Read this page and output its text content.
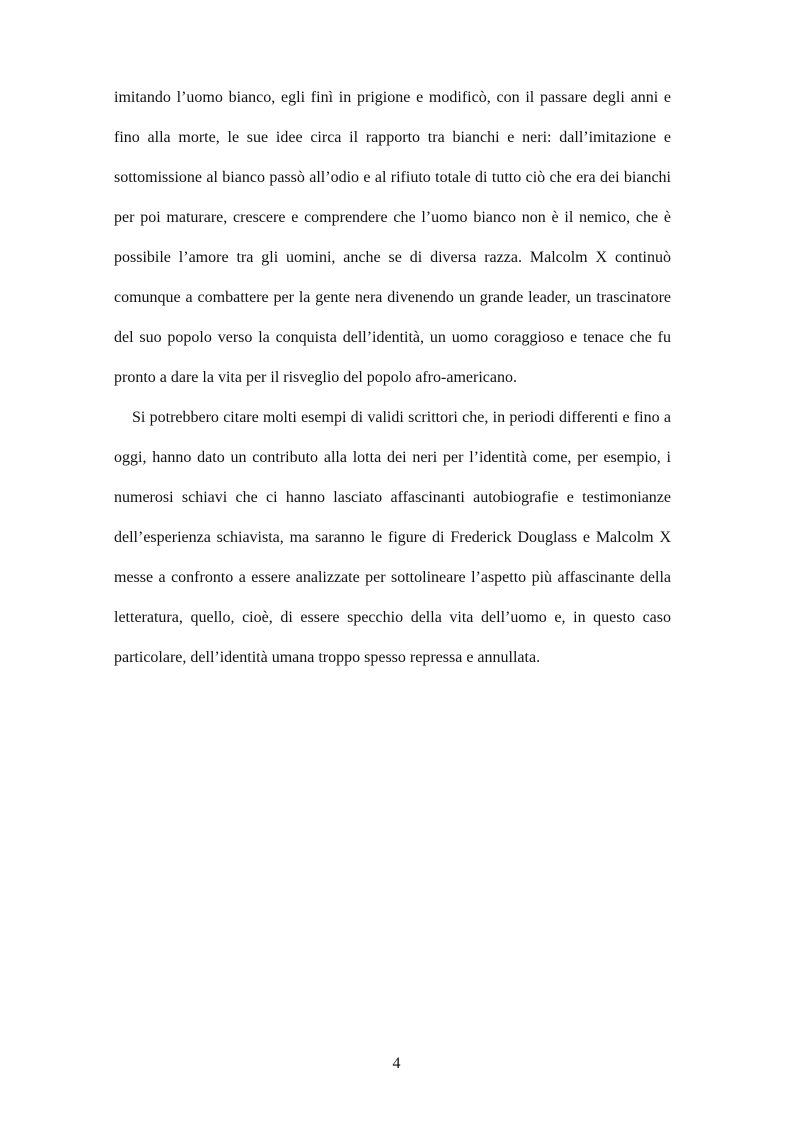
imitando l’uomo bianco, egli finì in prigione e modificò, con il passare degli anni e fino alla morte, le sue idee circa il rapporto tra bianchi e neri: dall’imitazione e sottomissione al bianco passò all’odio e al rifiuto totale di tutto ciò che era dei bianchi per poi maturare, crescere e comprendere che l’uomo bianco non è il nemico, che è possibile l’amore tra gli uomini, anche se di diversa razza. Malcolm X continuò comunque a combattere per la gente nera divenendo un grande leader, un trascinatore del suo popolo verso la conquista dell’identità, un uomo coraggioso e tenace che fu pronto a dare la vita per il risveglio del popolo afro-americano.

Si potrebbero citare molti esempi di validi scrittori che, in periodi differenti e fino a oggi, hanno dato un contributo alla lotta dei neri per l’identità come, per esempio, i numerosi schiavi che ci hanno lasciato affascinanti autobiografie e testimonianze dell’esperienza schiavista, ma saranno le figure di Frederick Douglass e Malcolm X messe a confronto a essere analizzate per sottolineare l’aspetto più affascinante della letteratura, quello, cioè, di essere specchio della vita dell’uomo e, in questo caso particolare, dell’identità umana troppo spesso repressa e annullata.

4
